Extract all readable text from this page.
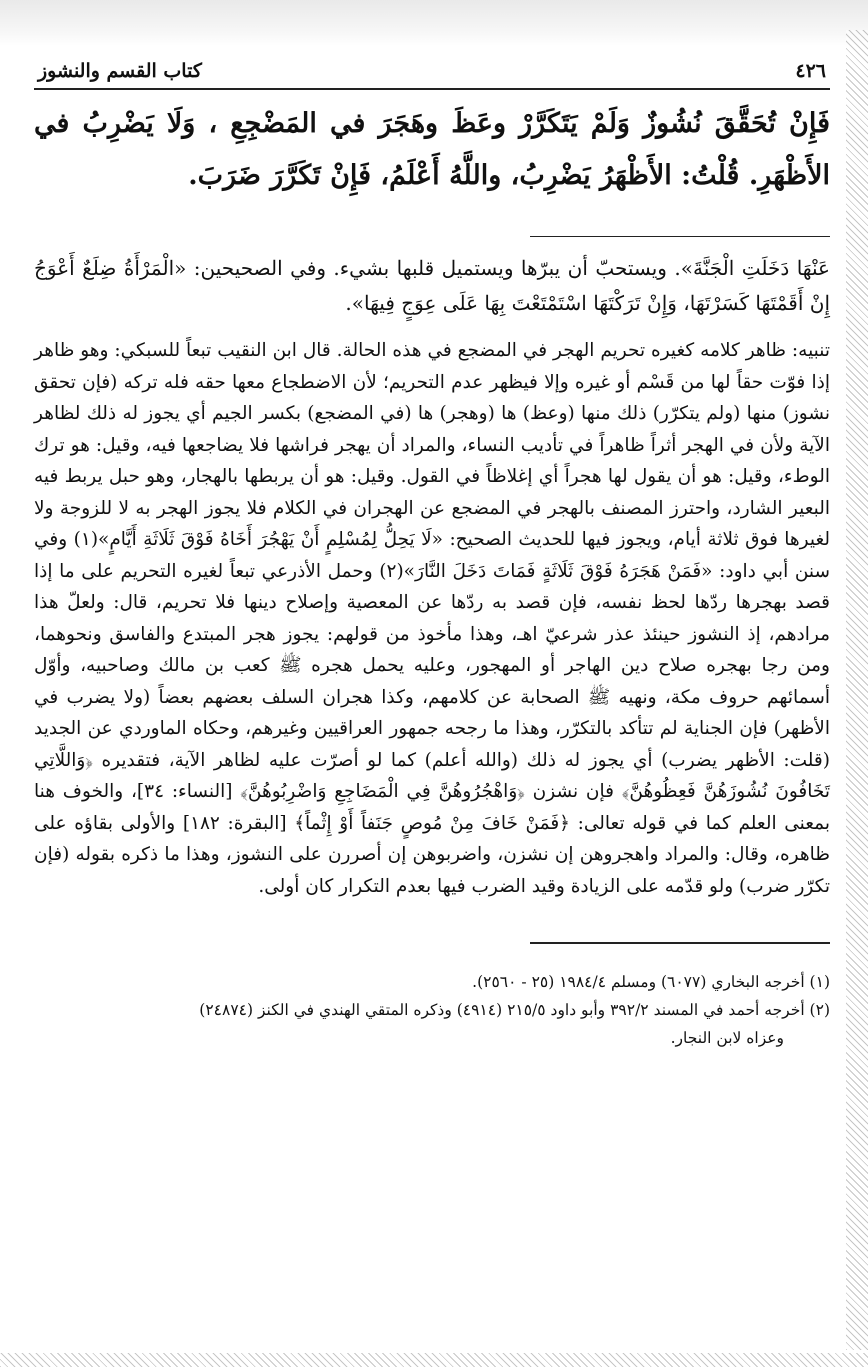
٤٢٦
كتاب القسم والنشوز
فَإِنْ تُحَقَّقَ نُشُوزٌ وَلَمْ يَتَكَرَّرْ وعَظَ وهَجَرَ في المَضْجِعِ ، وَلَا يَضْرِبُ في الأَظْهَرِ. قُلْتُ: الأَظْهَرُ يَضْرِبُ، واللَّهُ أَعْلَمُ، فَإِنْ تَكَرَّرَ ضَرَبَ.
عَنْهَا دَخَلَتِ الْجَنَّةَ». ويستحبّ أن يبرّها ويستميل قلبها بشيء. وفي الصحيحين: «الْمَرْأَةُ ضِلَعٌ أَعْوَجُ إِنْ أَقَمْتَهَا كَسَرْتَهَا، وَإِنْ تَرَكْتَهَا اسْتَمْتَعْتَ بِهَا عَلَى عِوَجٍ فِيهَا».

تنبيه: ظاهر كلامه كغيره تحريم الهجر في المضجع في هذه الحالة. قال ابن النقيب تبعاً للسبكي: وهو ظاهر إذا فوّت حقاً لها من قَسْم أو غيره وإلا فيظهر عدم التحريم؛ لأن الاضطجاع معها حقه فله تركه (فإن تحقق نشوز) منها (ولم يتكرّر) ذلك منها (وعظ) ها (وهجر) ها (في المضجع) بكسر الجيم أي يجوز له ذلك لظاهر الآية ولأن في الهجر أثراً ظاهراً في تأديب النساء، والمراد أن يهجر فراشها فلا يضاجعها فيه، وقيل: هو ترك الوطء، وقيل: هو أن يقول لها هجراً أي إغلاظاً في القول. وقيل: هو أن يربطها بالهجار، وهو حبل يربط فيه البعير الشارد، واحترز المصنف بالهجر في المضجع عن الهجران في الكلام فلا يجوز الهجر به لا للزوجة ولا لغيرها فوق ثلاثة أيام، ويجوز فيها للحديث الصحيح: «لَا يَحِلُّ لِمُسْلِمٍ أَنْ يَهْجُرَ أَخَاهُ فَوْقَ ثَلَاثَةِ أَيَّامٍ»(١) وفي سنن أبي داود: «فَمَنْ هَجَرَهُ فَوْقَ ثَلَاثَةٍ فَمَاتَ دَخَلَ النَّارَ»(٢) وحمل الأذرعي تبعاً لغيره التحريم على ما إذا قصد بهجرها ردّها لحظ نفسه، فإن قصد به ردّها عن المعصية وإصلاح دينها فلا تحريم، قال: ولعلّ هذا مرادهم، إذ النشوز حينئذ عذر شرعيّ اهـ، وهذا مأخوذ من قولهم: يجوز هجر المبتدع والفاسق ونحوهما، ومن رجا بهجره صلاح دين الهاجر أو المهجور، وعليه يحمل هجره ﷺ كعب بن مالك وصاحبيه، وأوّل أسمائهم حروف مكة، ونهيه ﷺ الصحابة عن كلامهم، وكذا هجران السلف بعضهم بعضاً (ولا يضرب في الأظهر) فإن الجناية لم تتأكد بالتكرّر، وهذا ما رجحه جمهور العراقيين وغيرهم، وحكاه الماوردي عن الجديد (قلت: الأظهر يضرب) أي يجوز له ذلك (والله أعلم) كما لو أصرّت عليه لظاهر الآية، فتقديره ﴿وَاللَّاتِي تَخَافُونَ نُشُوزَهُنَّ فَعِظُوهُنَّ﴾ فإن نشزن ﴿وَاهْجُرُوهُنَّ فِي الْمَضَاجِعِ وَاضْرِبُوهُنَّ﴾ [النساء: ٣٤]، والخوف هنا بمعنى العلم كما في قوله تعالى: ﴿فَمَنْ خَافَ مِنْ مُوصٍ جَنَفاً أَوْ إِثْماً﴾ [البقرة: ١٨٢] والأولى بقاؤه على ظاهره، وقال: والمراد واهجروهن إن نشزن، واضربوهن إن أصررن على النشوز، وهذا ما ذكره بقوله (فإن تكرّر ضرب) ولو قدّمه على الزيادة وقيد الضرب فيها بعدم التكرار كان أولى.

(١) أخرجه البخاري (٦٠٧٧) ومسلم ١٩٨٤/٤ (٢٥ - ٢٥٦٠).

(٢) أخرجه أحمد في المسند ٣٩٢/٢ وأبو داود ٢١٥/٥ (٤٩١٤) وذكره المتقي الهندي في الكنز (٢٤٨٧٤)

وعزاه لابن النجار.
